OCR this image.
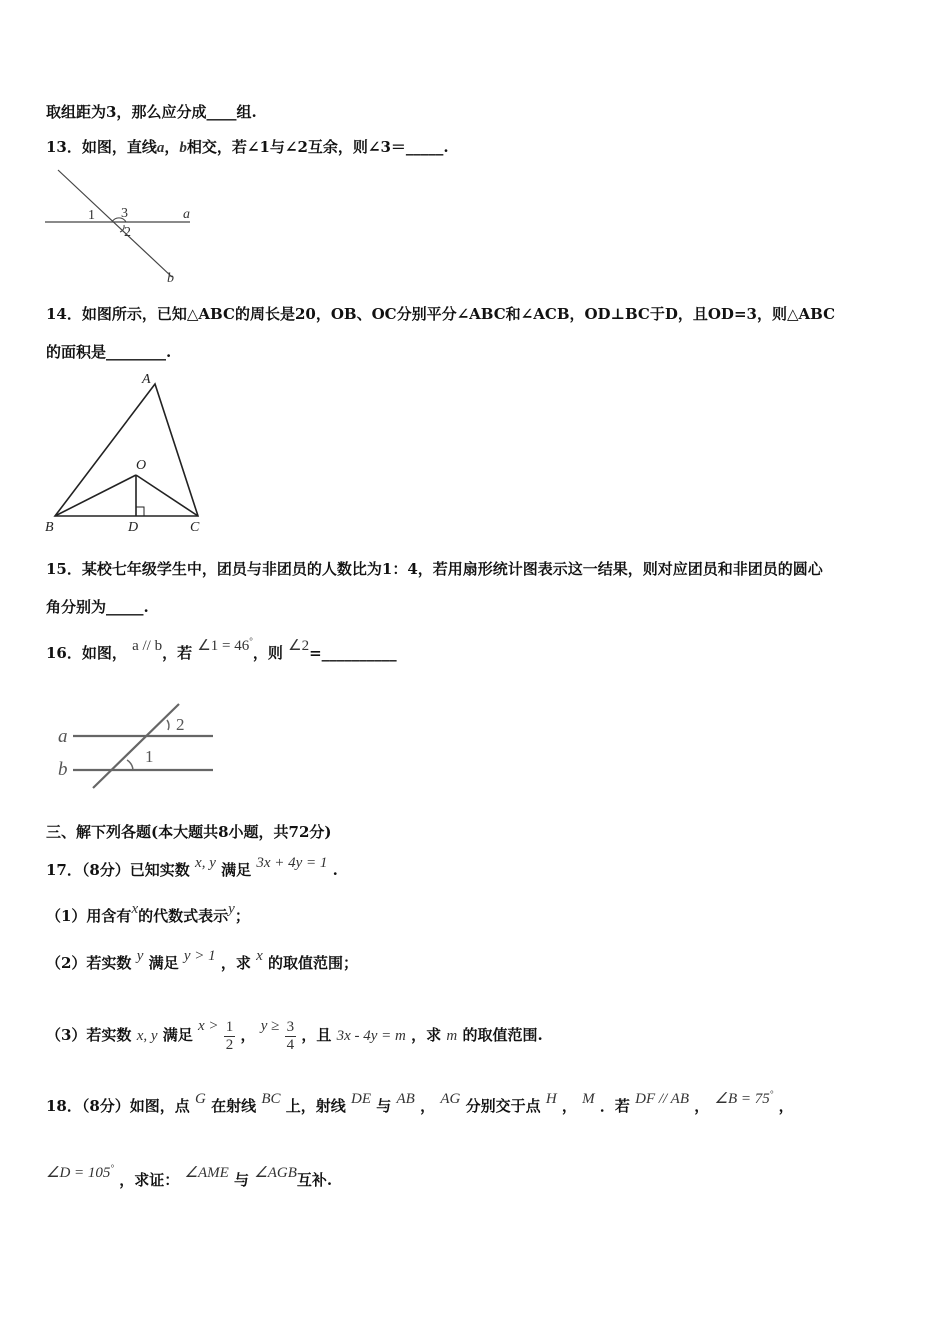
取组距为3，那么应分成____组.
13．如图，直线a，b相交，若∠1与∠2互余，则∠3＝_____.
1 3
2
a
b
14．如图所示，已知△ABC的周长是20，OB、OC分别平分∠ABC和∠ACB，OD⊥BC于D，且OD=3，则△ABC
的面积是________.
A
O
B	D	C
15．某校七年级学生中，团员与非团员的人数比为1：4，若用扇形统计图表示这一结果，则对应团员和非团员的圆心
角分别为_____.
16．如图， a // b，若 ∠1 = 46°，则 ∠2=__________
a
b
1
2
三、解下列各题(本大题共8小题，共72分)
17．（8分）已知实数 x, y 满足 3x + 4y = 1 .
（1）用含有x的代数式表示y；
（2）若实数 y 满足 y > 1 ，求 x 的取值范围；
（3）若实数 x, y 满足 $x > \frac{1}{2}$ ， $y \ge \frac{3}{4}$ ，且 3x - 4y = m ，求 m 的取值范围.
18．（8分）如图，点 G 在射线 BC 上，射线 DE 与 AB ， AG 分别交于点 H ， M ．若 DF // AB ， ∠B = 75° ，
∠D = 105° ，求证： ∠AME 与 ∠AGB互补.
